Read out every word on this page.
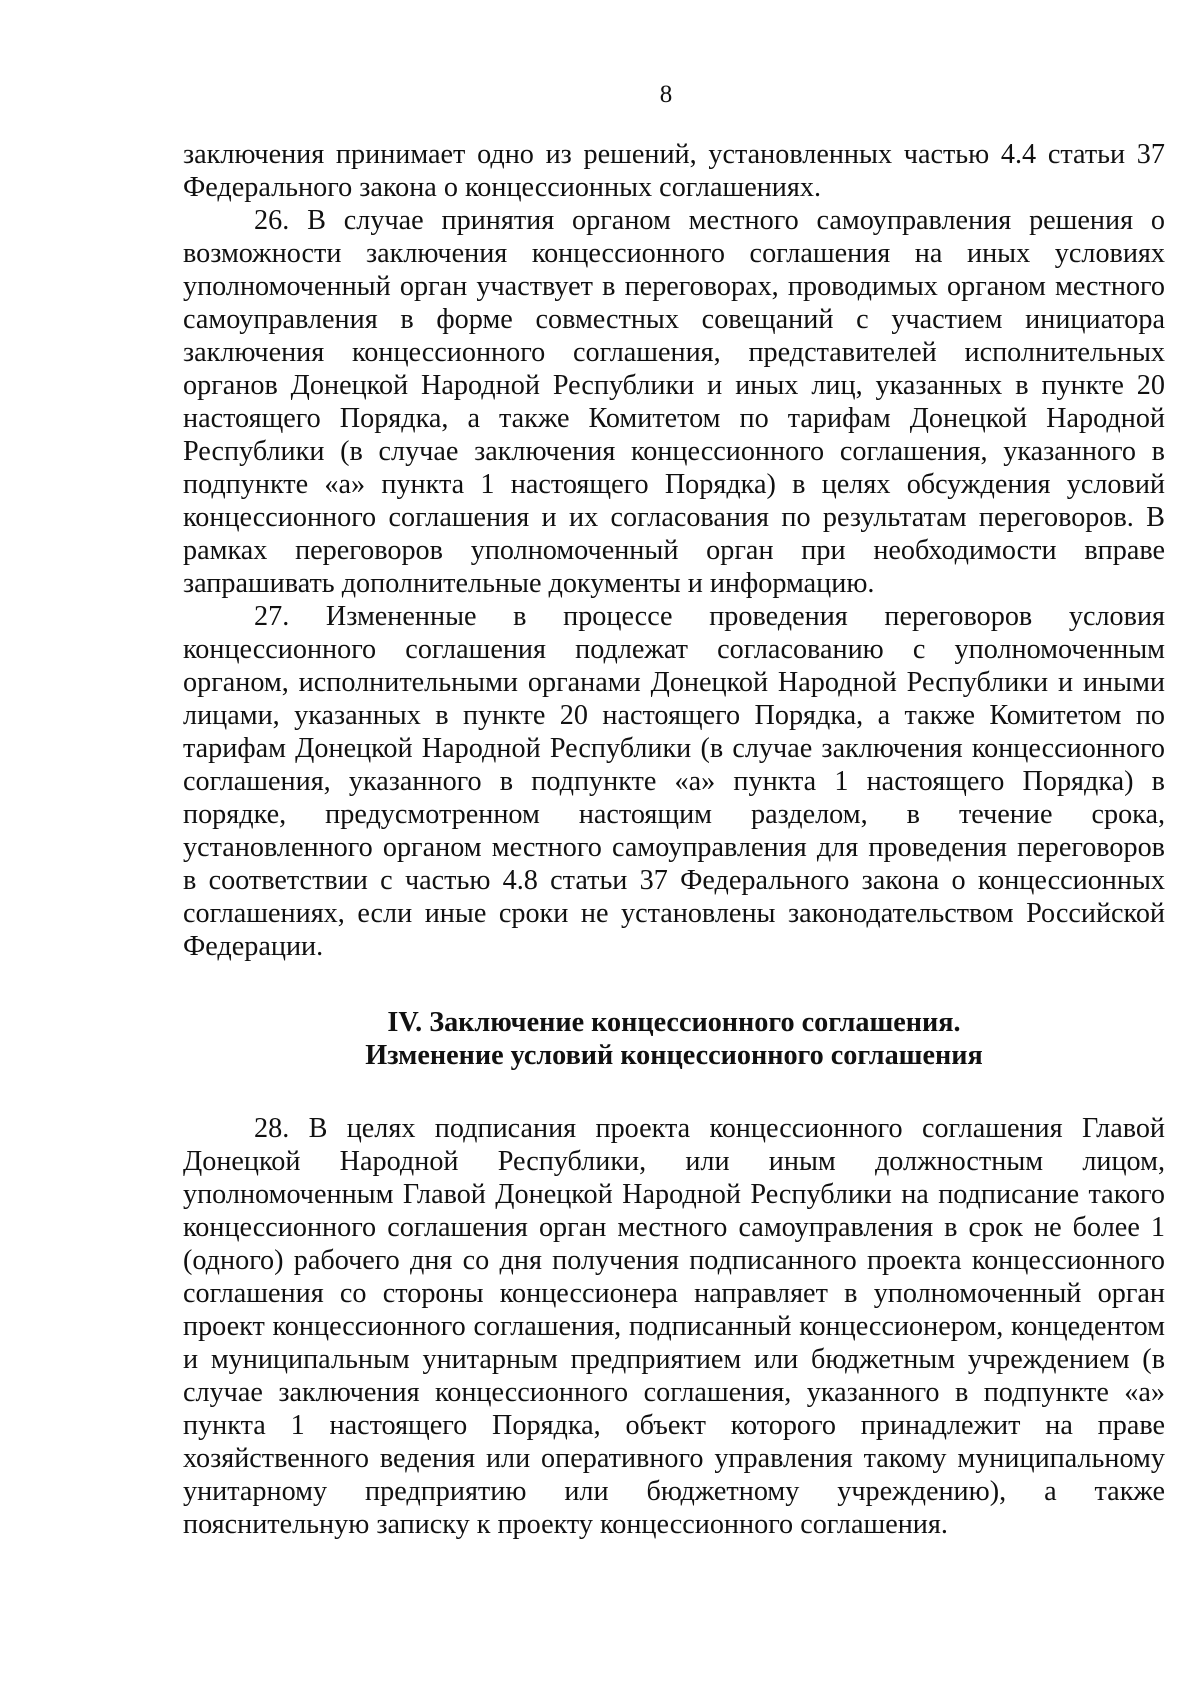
8

заключения принимает одно из решений, установленных частью 4.4 статьи 37 Федерального закона о концессионных соглашениях.

26. В случае принятия органом местного самоуправления решения о возможности заключения концессионного соглашения на иных условиях уполномоченный орган участвует в переговорах, проводимых органом местного самоуправления в форме совместных совещаний с участием инициатора заключения концессионного соглашения, представителей исполнительных органов Донецкой Народной Республики и иных лиц, указанных в пункте 20 настоящего Порядка, а также Комитетом по тарифам Донецкой Народной Республики (в случае заключения концессионного соглашения, указанного в подпункте «а» пункта 1 настоящего Порядка) в целях обсуждения условий концессионного соглашения и их согласования по результатам переговоров. В рамках переговоров уполномоченный орган при необходимости вправе запрашивать дополнительные документы и информацию.

27. Измененные в процессе проведения переговоров условия концессионного соглашения подлежат согласованию с уполномоченным органом, исполнительными органами Донецкой Народной Республики и иными лицами, указанных в пункте 20 настоящего Порядка, а также Комитетом по тарифам Донецкой Народной Республики (в случае заключения концессионного соглашения, указанного в подпункте «а» пункта 1 настоящего Порядка) в порядке, предусмотренном настоящим разделом, в течение срока, установленного органом местного самоуправления для проведения переговоров в соответствии с частью 4.8 статьи 37 Федерального закона о концессионных соглашениях, если иные сроки не установлены законодательством Российской Федерации.

IV. Заключение концессионного соглашения.
Изменение условий концессионного соглашения

28. В целях подписания проекта концессионного соглашения Главой Донецкой Народной Республики, или иным должностным лицом, уполномоченным Главой Донецкой Народной Республики на подписание такого концессионного соглашения орган местного самоуправления в срок не более 1 (одного) рабочего дня со дня получения подписанного проекта концессионного соглашения со стороны концессионера направляет в уполномоченный орган проект концессионного соглашения, подписанный концессионером, концедентом и муниципальным унитарным предприятием или бюджетным учреждением (в случае заключения концессионного соглашения, указанного в подпункте «а» пункта 1 настоящего Порядка, объект которого принадлежит на праве хозяйственного ведения или оперативного управления такому муниципальному унитарному предприятию или бюджетному учреждению), а также пояснительную записку к проекту концессионного соглашения.
